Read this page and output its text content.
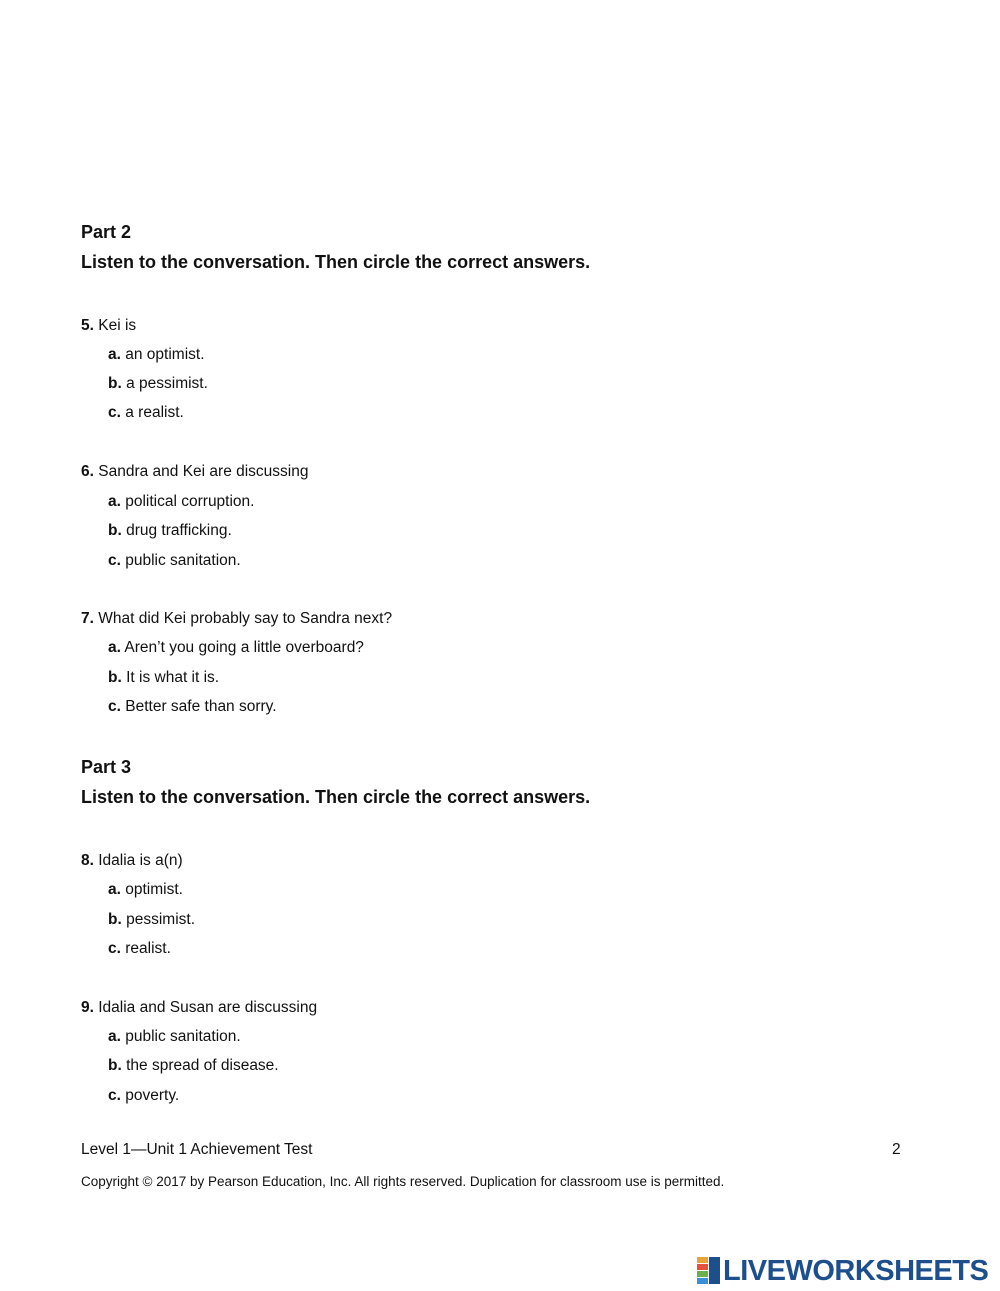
Part 2
Listen to the conversation. Then circle the correct answers.
5. Kei is
a. an optimist.
b. a pessimist.
c. a realist.
6. Sandra and Kei are discussing
a. political corruption.
b. drug trafficking.
c. public sanitation.
7. What did Kei probably say to Sandra next?
a. Aren’t you going a little overboard?
b. It is what it is.
c. Better safe than sorry.
Part 3
Listen to the conversation. Then circle the correct answers.
8. Idalia is a(n)
a. optimist.
b. pessimist.
c. realist.
9. Idalia and Susan are discussing
a. public sanitation.
b. the spread of disease.
c. poverty.
Level 1—Unit 1 Achievement Test	2
Copyright © 2017 by Pearson Education, Inc. All rights reserved. Duplication for classroom use is permitted.
LIVEWORKSHEETS
